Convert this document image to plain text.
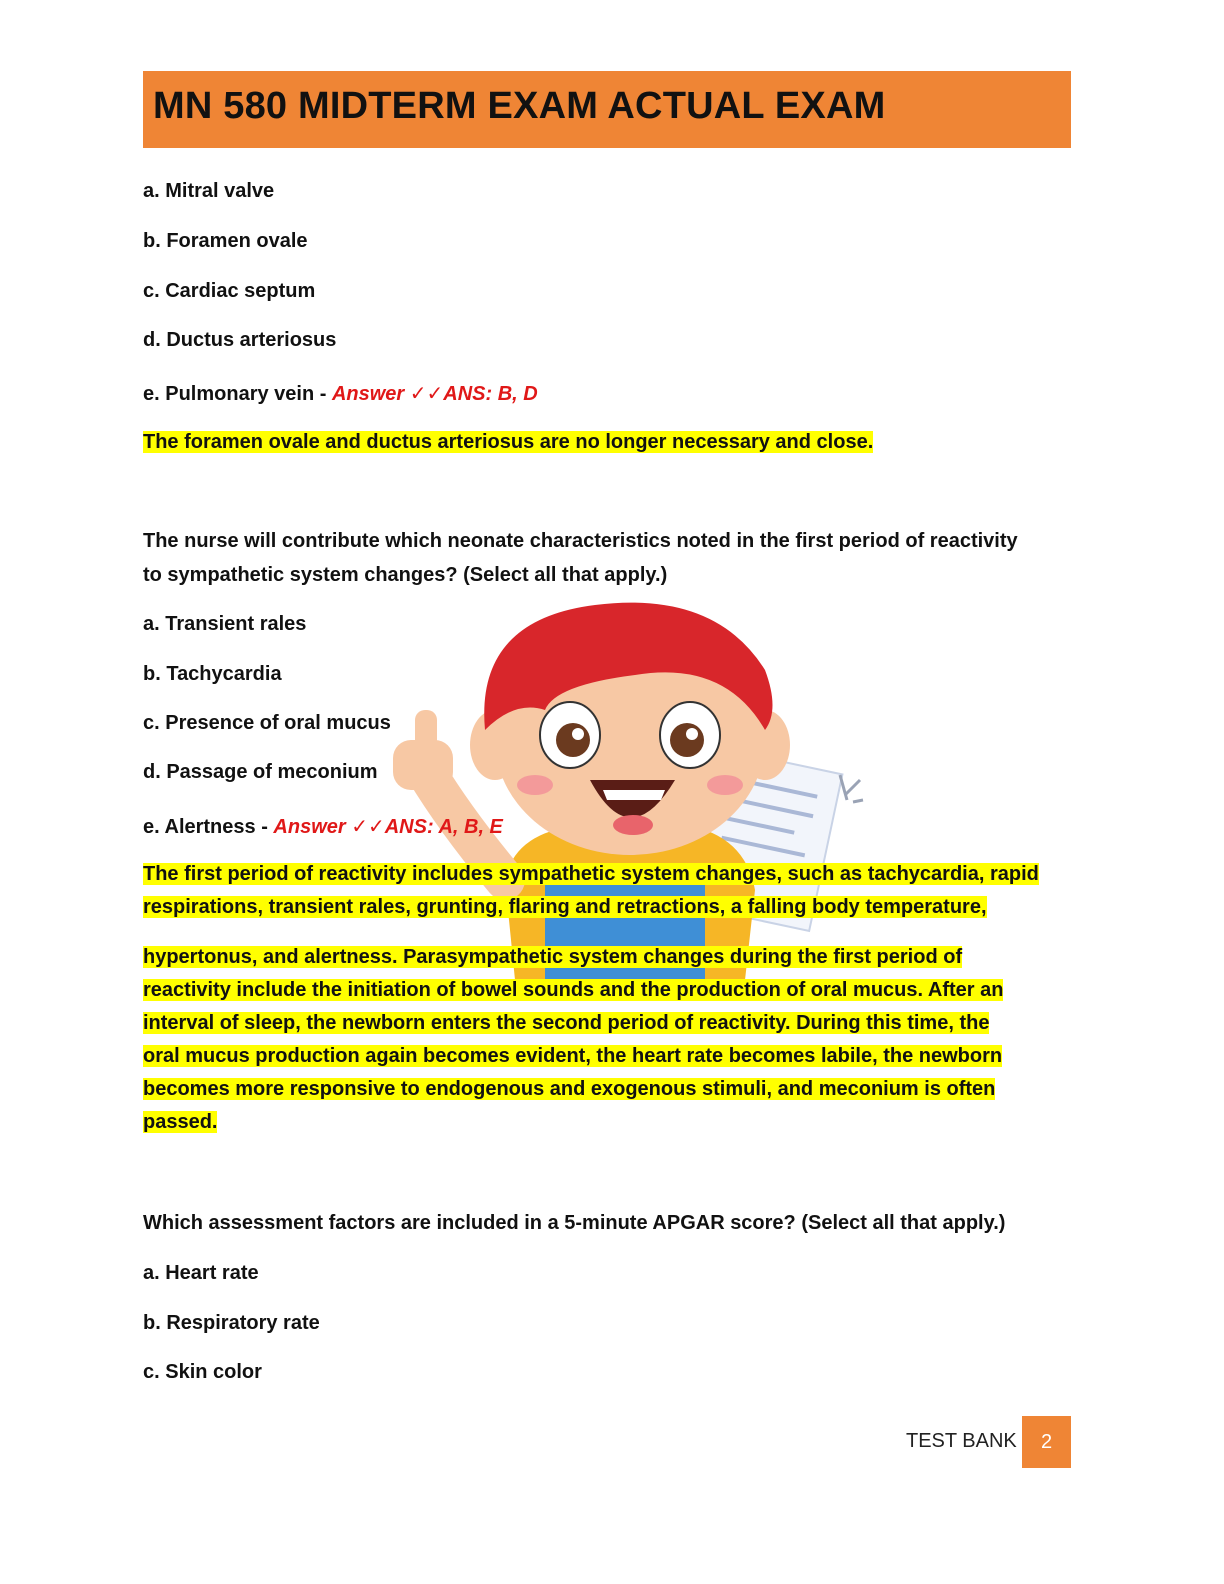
MN 580 MIDTERM EXAM ACTUAL EXAM
a. Mitral valve
b. Foramen ovale
c. Cardiac septum
d. Ductus arteriosus
e. Pulmonary vein - Answer ✓✓ANS: B, D
The foramen ovale and ductus arteriosus are no longer necessary and close.
The nurse will contribute which neonate characteristics noted in the first period of reactivity
to sympathetic system changes? (Select all that apply.)
a. Transient rales
b. Tachycardia
c. Presence of oral mucus
d. Passage of meconium
e. Alertness - Answer ✓✓ANS: A, B, E
The first period of reactivity includes sympathetic system changes, such as tachycardia, rapid
respirations, transient rales, grunting, flaring and retractions, a falling body temperature,
hypertonus, and alertness. Parasympathetic system changes during the first period of
reactivity include the initiation of bowel sounds and the production of oral mucus. After an
interval of sleep, the newborn enters the second period of reactivity. During this time, the
oral mucus production again becomes evident, the heart rate becomes labile, the newborn
becomes more responsive to endogenous and exogenous stimuli, and meconium is often
passed.
Which assessment factors are included in a 5-minute APGAR score? (Select all that apply.)
a. Heart rate
b. Respiratory rate
c. Skin color
TEST BANK	2
